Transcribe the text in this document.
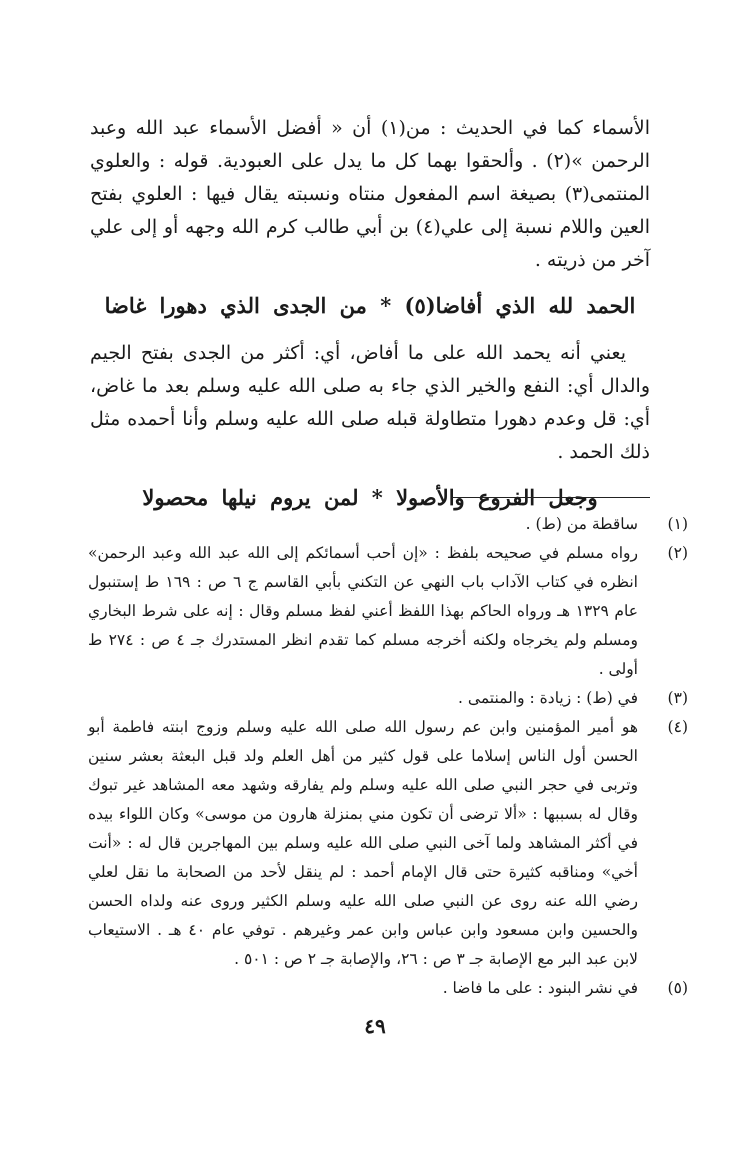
الأسماء كما في الحديث : من(١) أن « أفضل الأسماء عبد الله وعبد الرحمن »(٢) . وألحقوا بهما كل ما يدل على العبودية. قوله : والعلوي المنتمى(٣) بصيغة اسم المفعول منتاه ونسبته يقال فيها : العلوي بفتح العين واللام نسبة إلى علي(٤) بن أبي طالب كرم الله وجهه أو إلى علي آخر من ذريته .

الحمد لله الذي أفاضا(٥) * من الجدى الذي دهورا غاضا

يعني أنه يحمد الله على ما أفاض، أي: أكثر من الجدى بفتح الجيم والدال أي: النفع والخير الذي جاء به صلى الله عليه وسلم بعد ما غاض، أي: قل وعدم دهورا متطاولة قبله صلى الله عليه وسلم وأنا أحمده مثل ذلك الحمد .

وجعل الفروع والأصولا * لمن يروم نيلها محصولا

(١)
ساقطة من (ط) .
(٢)
رواه مسلم في صحيحه بلفظ : «إن أحب أسمائكم إلى الله عبد الله وعبد الرحمن» انظره في كتاب الآداب باب النهي عن التكني بأبي القاسم ج ٦ ص : ١٦٩ ط إستنبول عام ١٣٢٩ هـ ورواه الحاكم بهذا اللفظ أعني لفظ مسلم وقال : إنه على شرط البخاري ومسلم ولم يخرجاه ولكنه أخرجه مسلم كما تقدم انظر المستدرك جـ ٤ ص : ٢٧٤ ط أولى .
(٣)
في (ط) : زيادة : والمنتمى .
(٤)
هو أمير المؤمنين وابن عم رسول الله صلى الله عليه وسلم وزوج ابنته فاطمة أبو الحسن أول الناس إسلاما على قول كثير من أهل العلم ولد قبل البعثة بعشر سنين وتربى في حجر النبي صلى الله عليه وسلم ولم يفارقه وشهد معه المشاهد غير تبوك وقال له بسببها : «ألا ترضى أن تكون مني بمنزلة هارون من موسى» وكان اللواء بيده في أكثر المشاهد ولما آخى النبي صلى الله عليه وسلم بين المهاجرين قال له : «أنت أخي» ومناقبه كثيرة حتى قال الإمام أحمد : لم ينقل لأحد من الصحابة ما نقل لعلي رضي الله عنه روى عن النبي صلى الله عليه وسلم الكثير وروى عنه ولداه الحسن والحسين وابن مسعود وابن عباس وابن عمر وغيرهم . توفي عام ٤٠ هـ . الاستيعاب لابن عبد البر مع الإصابة جـ ٣ ص : ٢٦، والإصابة جـ ٢ ص : ٥٠١ .
(٥)
في نشر البنود : على ما فاضا .
٤٩
